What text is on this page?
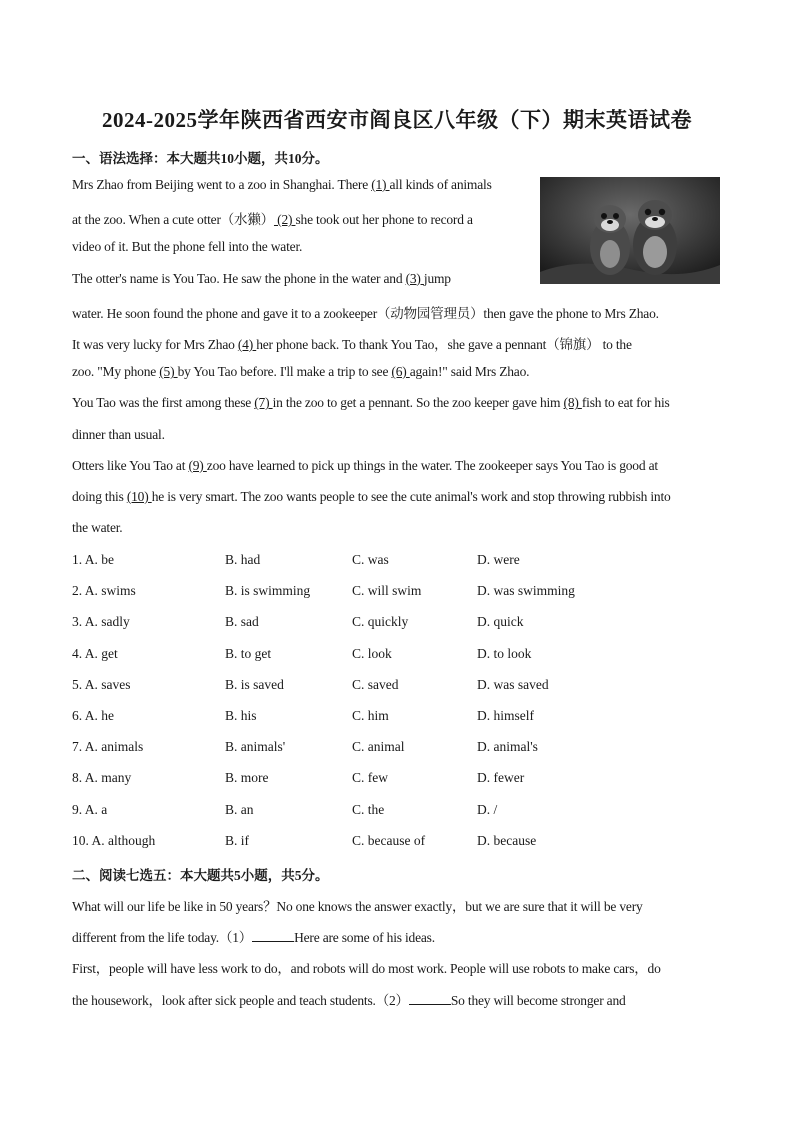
2024-2025学年陕西省西安市阎良区八年级（下）期末英语试卷
一、语法选择：本大题共10小题，共10分。
Mrs Zhao from Beijing went to a zoo in Shanghai. There (1) all kinds of animals
at the zoo. When a cute otter（水獭） (2) she took out her phone to record a
video of it. But the phone fell into the water.
The otter's name is You Tao. He saw the phone in the water and (3) jump
water. He soon found the phone and gave it to a zookeeper（动物园管理员）then gave the phone to Mrs Zhao.
It was very lucky for Mrs Zhao (4) her phone back. To thank You Tao，she gave a pennant（锦旗） to the
zoo. "My phone (5) by You Tao before. I'll make a trip to see (6) again!" said Mrs Zhao.
You Tao was the first among these (7) in the zoo to get a pennant. So the zoo keeper gave him (8) fish to eat for his
dinner than usual.
Otters like You Tao at (9) zoo have learned to pick up things in the water. The zookeeper says You Tao is good at
doing this (10) he is very smart. The zoo wants people to see the cute animal's work and stop throwing rubbish into
the water.
1. A. be	B. had	C. was	D. were
2. A. swims	B. is swimming	C. will swim	D. was swimming
3. A. sadly	B. sad	C. quickly	D. quick
4. A. get	B. to get	C. look	D. to look
5. A. saves	B. is saved	C. saved	D. was saved
6. A. he	B. his	C. him	D. himself
7. A. animals	B. animals'	C. animal	D. animal's
8. A. many	B. more	C. few	D. fewer
9. A. a	B. an	C. the	D. /
10. A. although	B. if	C. because of	D. because
二、阅读七选五：本大题共5小题，共5分。
What will our life be like in 50 years？No one knows the answer exactly，but we are sure that it will be very
different from the life today.（1）	Here are some of his ideas.
First，people will have less work to do，and robots will do most work. People will use robots to make cars，do
the housework，look after sick people and teach students.（2）	So they will become stronger and
